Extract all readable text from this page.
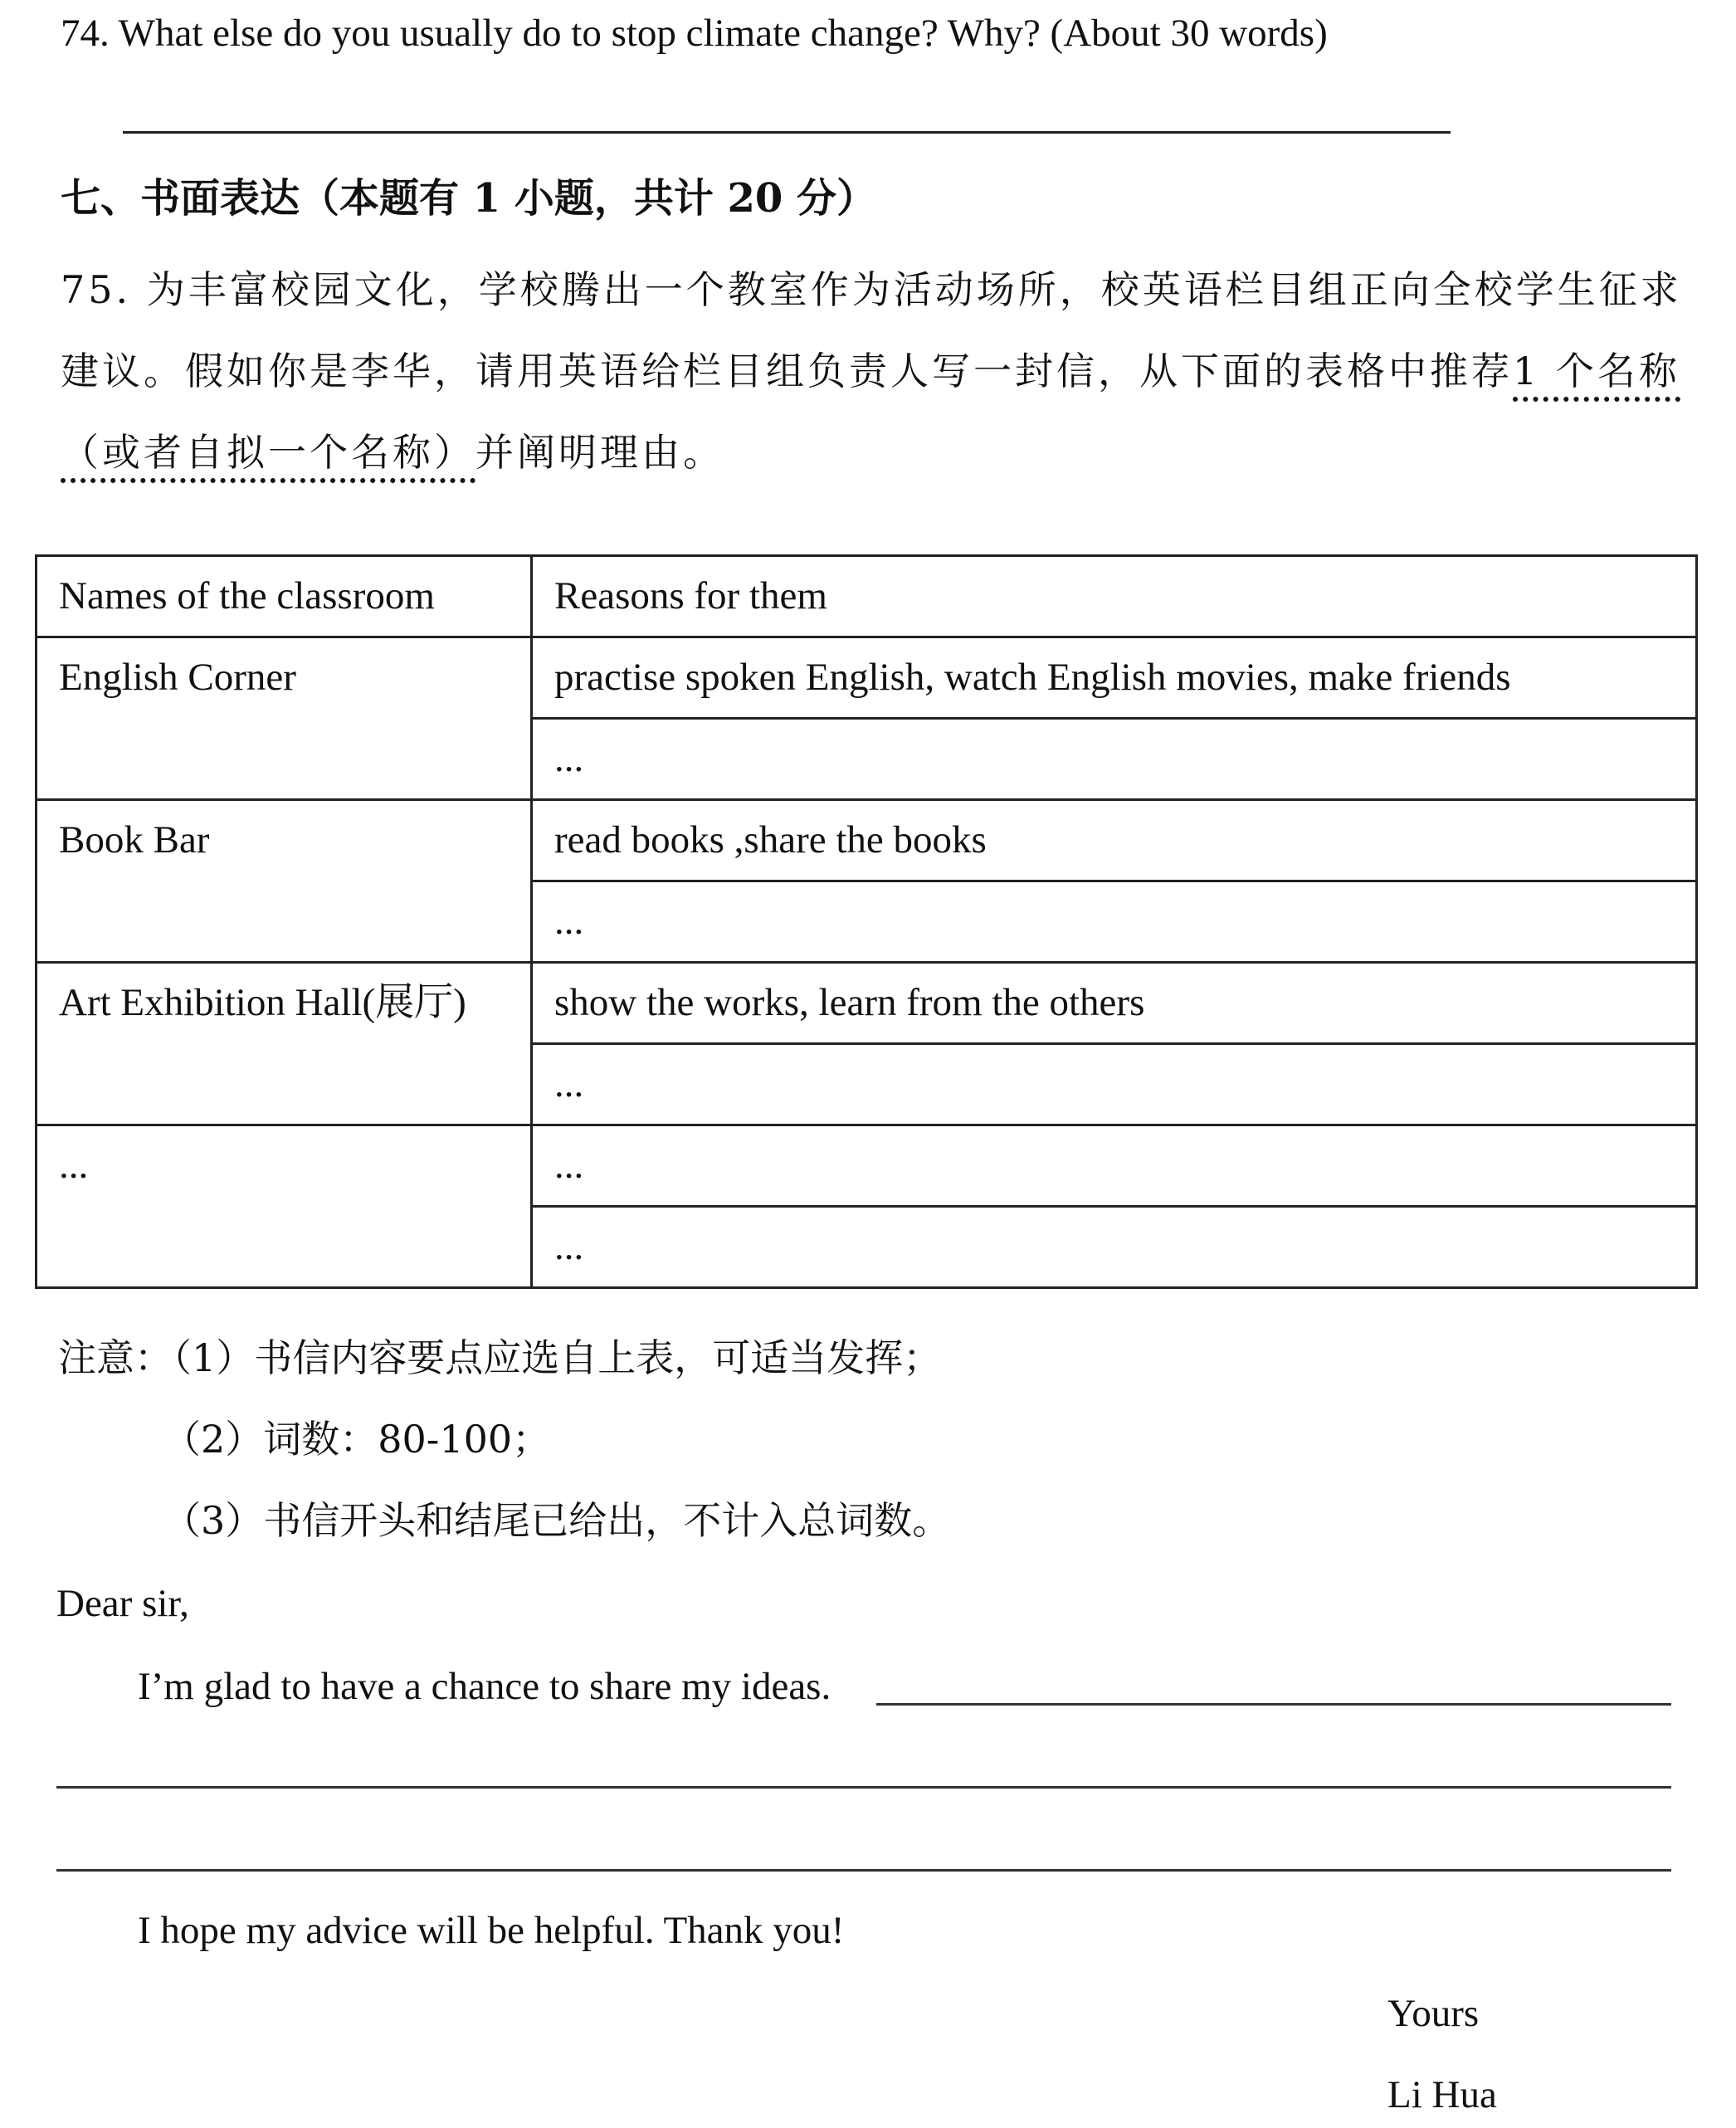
74. What else do you usually do to stop climate change? Why? (About 30 words)
七、书面表达（本题有 1 小题，共计 20 分）
75. 为丰富校园文化，学校腾出一个教室作为活动场所，校英语栏目组正向全校学生征求建议。假如你是李华，请用英语给栏目组负责人写一封信，从下面的表格中推荐1 个名称（或者自拟一个名称）并阐明理由。
Names of the classroom	Reasons for them
English Corner	practise spoken English, watch English movies, make friends
	...
Book Bar	read books ,share the books
	...
Art Exhibition Hall(展厅)	show the works, learn from the others
	...
...	...
	...
注意：（1）书信内容要点应选自上表，可适当发挥；
（2）词数：80-100；
（3）书信开头和结尾已给出，不计入总词数。
Dear sir,
I’m glad to have a chance to share my ideas.
I hope my advice will be helpful. Thank you!
Yours
Li Hua
